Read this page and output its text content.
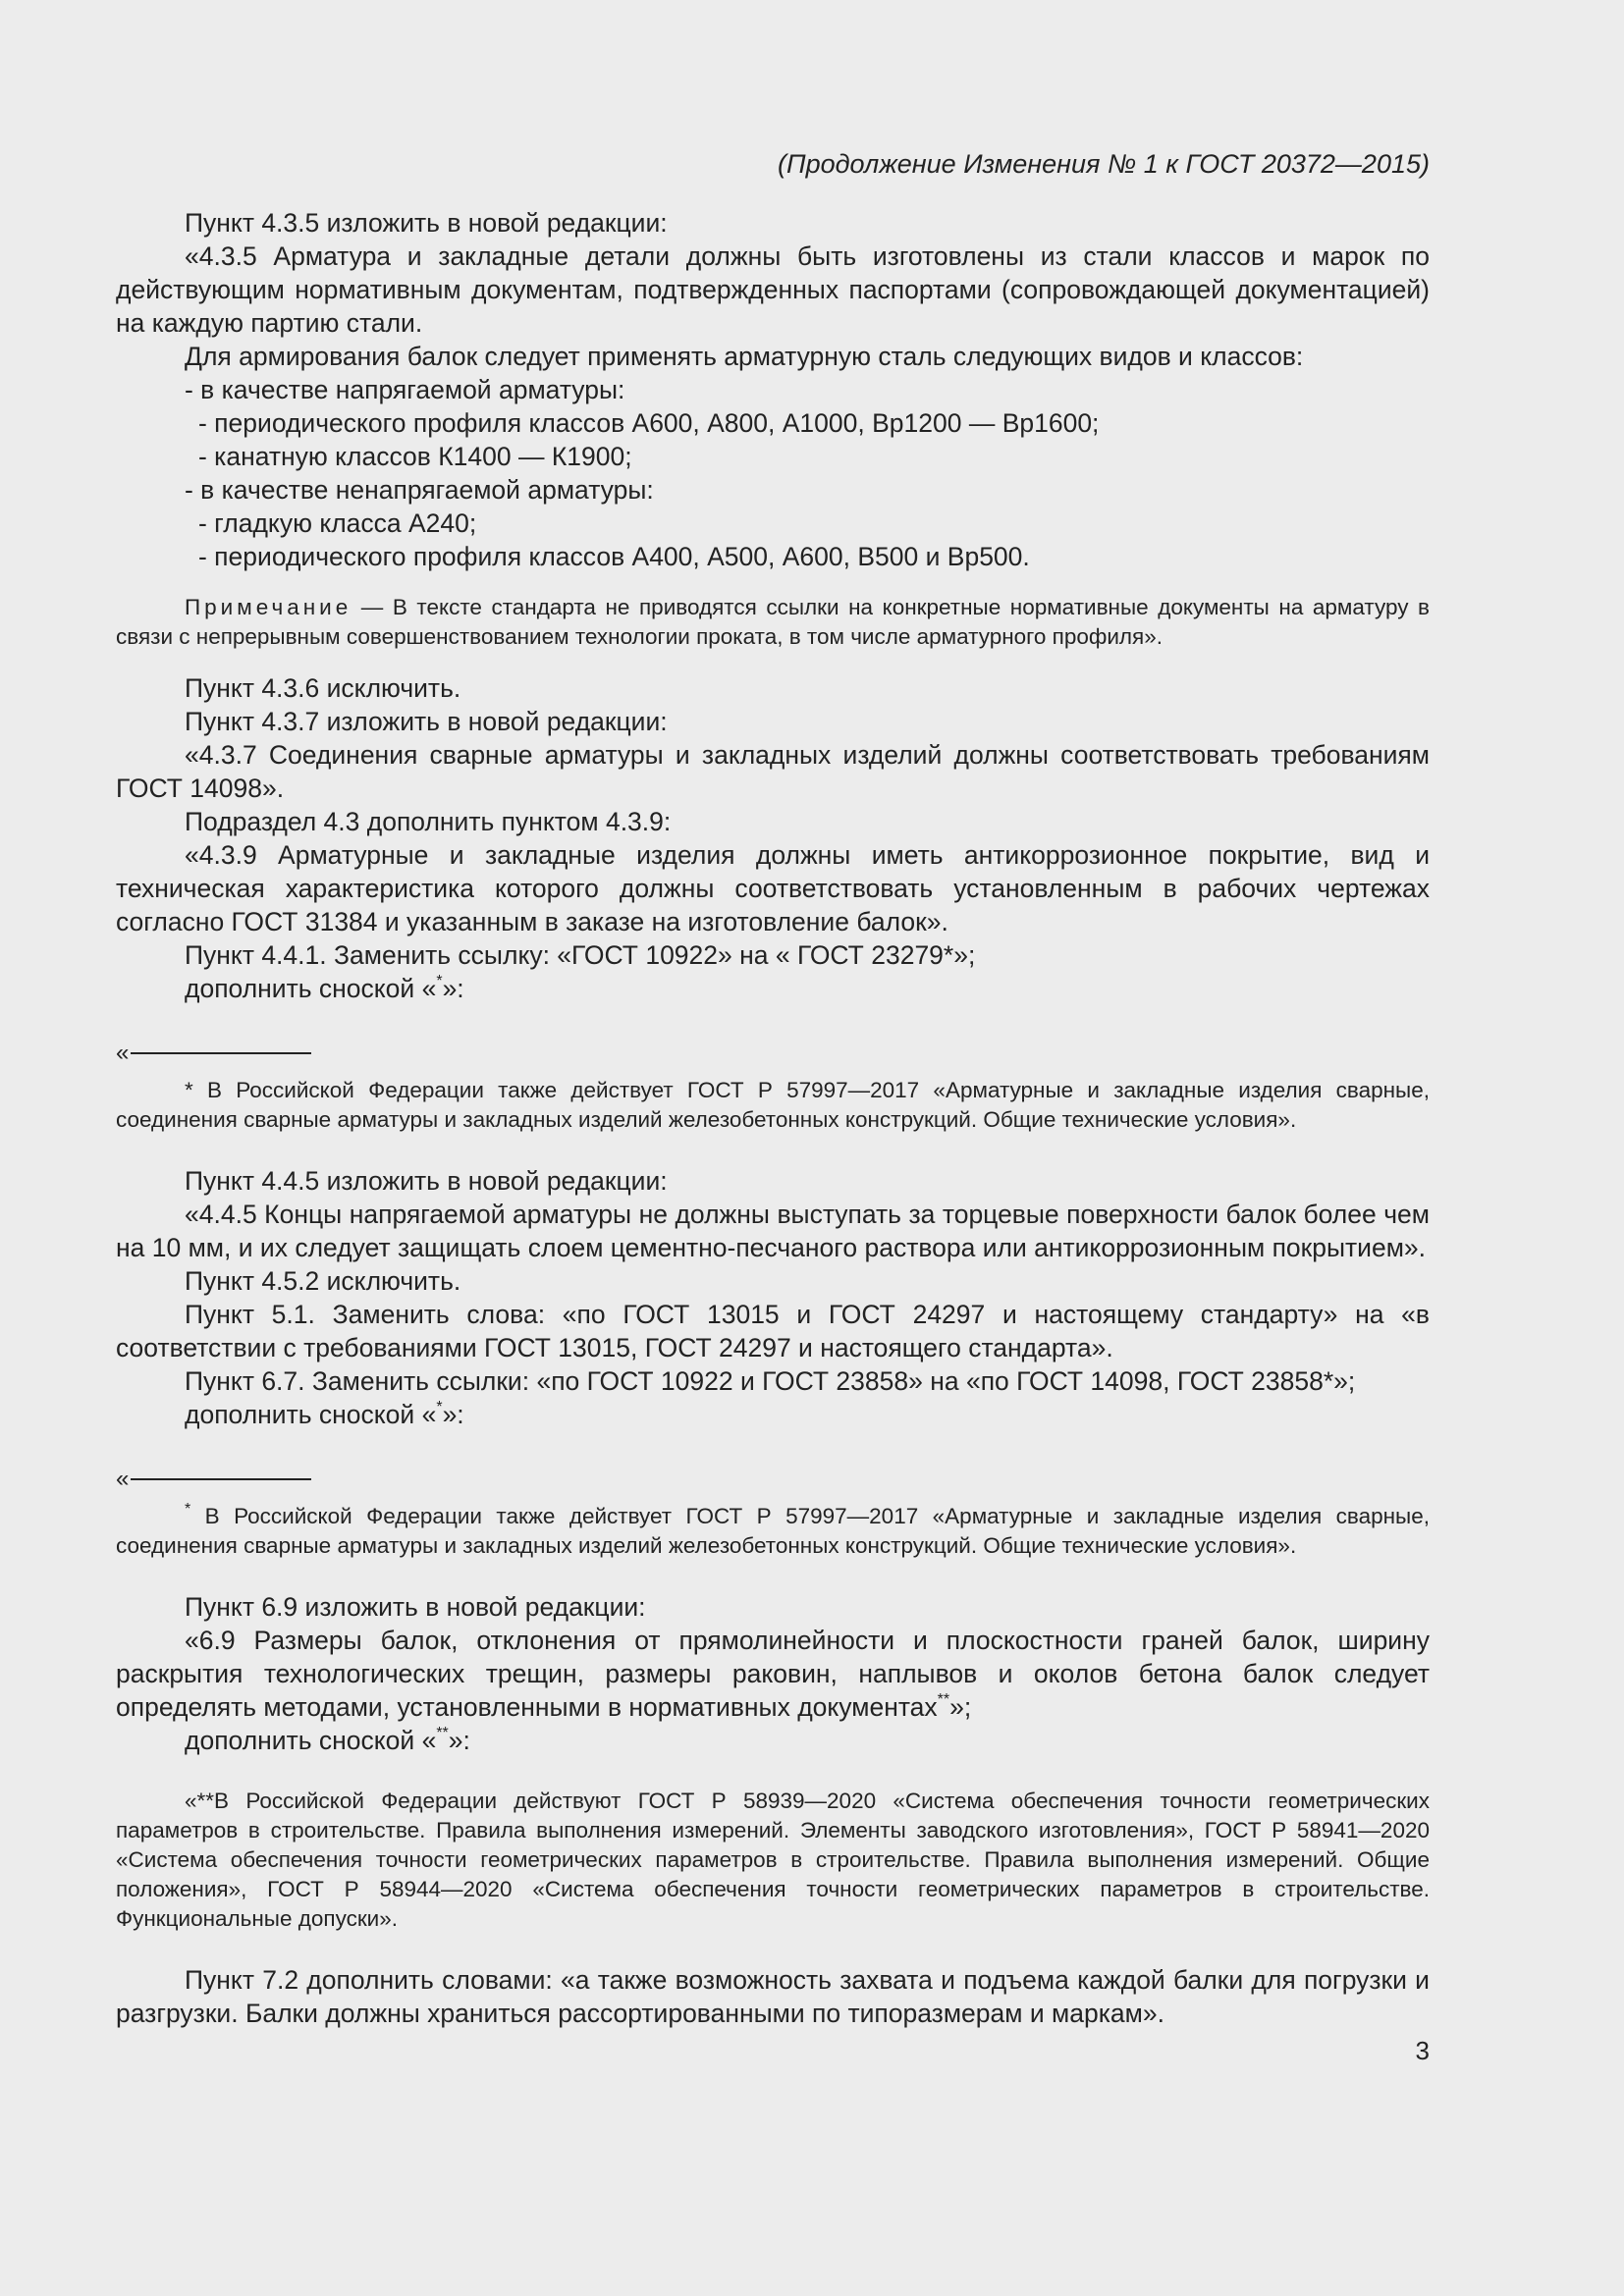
(Продолжение Изменения № 1 к ГОСТ 20372—2015)

Пункт 4.3.5 изложить в новой редакции:

«4.3.5 Арматура и закладные детали должны быть изготовлены из стали классов и марок по действующим нормативным документам, подтвержденных паспортами (сопровождающей документацией) на каждую партию стали.

Для армирования балок следует применять арматурную сталь следующих видов и классов:

- в качестве напрягаемой арматуры:

- периодического профиля классов А600, А800, А1000, Вр1200 — Вр1600;

- канатную классов К1400 — К1900;

- в качестве ненапрягаемой арматуры:

- гладкую класса А240;

- периодического профиля классов А400, А500, А600, В500 и Вр500.

Примечание — В тексте стандарта не приводятся ссылки на конкретные нормативные документы на арматуру в связи с непрерывным совершенствованием технологии проката, в том числе арматурного профиля».

Пункт 4.3.6 исключить.

Пункт 4.3.7 изложить в новой редакции:

«4.3.7 Соединения сварные арматуры и закладных изделий должны соответствовать требованиям ГОСТ 14098».

Подраздел 4.3 дополнить пунктом 4.3.9:

«4.3.9 Арматурные и закладные изделия должны иметь антикоррозионное покрытие, вид и техническая характеристика которого должны соответствовать установленным в рабочих чертежах согласно ГОСТ 31384 и указанным в заказе на изготовление балок».

Пункт 4.4.1. Заменить ссылку: «ГОСТ 10922» на « ГОСТ 23279*»;

дополнить сноской «*»:

«

* В Российской Федерации также действует ГОСТ Р 57997—2017 «Арматурные и закладные изделия сварные, соединения сварные арматуры и закладных изделий железобетонных конструкций. Общие технические условия».

Пункт 4.4.5 изложить в новой редакции:

«4.4.5 Концы напрягаемой арматуры не должны выступать за торцевые поверхности балок более чем на 10 мм, и их следует защищать слоем цементно-песчаного раствора или антикоррозионным покрытием».

Пункт 4.5.2 исключить.

Пункт 5.1. Заменить слова: «по ГОСТ 13015 и ГОСТ 24297 и настоящему стандарту» на «в соответствии с требованиями ГОСТ 13015, ГОСТ 24297 и настоящего стандарта».

Пункт 6.7. Заменить ссылки: «по ГОСТ 10922 и ГОСТ 23858» на «по ГОСТ 14098, ГОСТ 23858*»;

дополнить сноской «*»:

«

* В Российской Федерации также действует ГОСТ Р 57997—2017 «Арматурные и закладные изделия сварные, соединения сварные арматуры и закладных изделий железобетонных конструкций. Общие технические условия».

Пункт 6.9 изложить в новой редакции:

«6.9 Размеры балок, отклонения от прямолинейности и плоскостности граней балок, ширину раскрытия технологических трещин, размеры раковин, наплывов и околов бетона балок следует определять методами, установленными в нормативных документах**»;

дополнить сноской «**»:

«**В Российской Федерации действуют ГОСТ Р 58939—2020 «Система обеспечения точности геометрических параметров в строительстве. Правила выполнения измерений. Элементы заводского изготовления», ГОСТ Р 58941—2020 «Система обеспечения точности геометрических параметров в строительстве. Правила выполнения измерений. Общие положения», ГОСТ Р 58944—2020 «Система обеспечения точности геометрических параметров в строительстве. Функциональные допуски».

Пункт 7.2 дополнить словами: «а также возможность захвата и подъема каждой балки для погрузки и разгрузки. Балки должны храниться рассортированными по типоразмерам и маркам».

3
